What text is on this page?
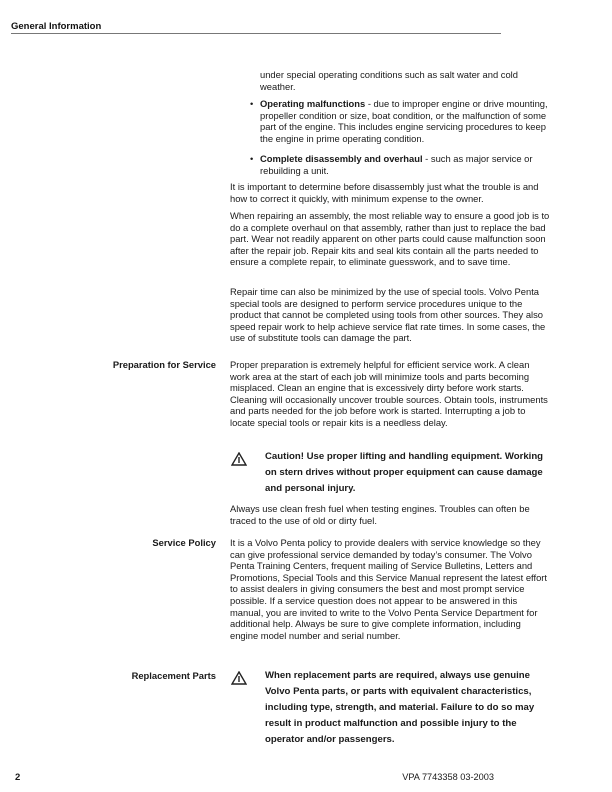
General Information
under special operating conditions such as salt water and cold weather.
• Operating malfunctions - due to improper engine or drive mounting, propeller condition or size, boat condition, or the malfunction of some part of the engine. This includes engine servicing procedures to keep the engine in prime operating condition.
• Complete disassembly and overhaul - such as major service or rebuilding a unit.

It is important to determine before disassembly just what the trouble is and how to correct it quickly, with minimum expense to the owner.

When repairing an assembly, the most reliable way to ensure a good job is to do a complete overhaul on that assembly, rather than just to replace the bad part. Wear not readily apparent on other parts could cause malfunction soon after the repair job. Repair kits and seal kits contain all the parts needed to ensure a complete repair, to eliminate guesswork, and to save time.

Repair time can also be minimized by the use of special tools. Volvo Penta special tools are designed to perform service procedures unique to the product that cannot be completed using tools from other sources. They also speed repair work to help achieve service flat rate times. In some cases, the use of substitute tools can damage the part.

Preparation for Service Proper preparation is extremely helpful for efficient service work. A clean work area at the start of each job will minimize tools and parts becoming misplaced. Clean an engine that is excessively dirty before work starts. Cleaning will occasionally uncover trouble sources. Obtain tools, instruments and parts needed for the job before work is started. Interrupting a job to locate special tools or repair kits is a needless delay.

Caution! Use proper lifting and handling equipment. Working on stern drives without proper equipment can cause damage and personal injury.

Always use clean fresh fuel when testing engines. Troubles can often be traced to the use of old or dirty fuel.

Service Policy It is a Volvo Penta policy to provide dealers with service knowledge so they can give professional service demanded by today’s consumer. The Volvo Penta Training Centers, frequent mailing of Service Bulletins, Letters and Promotions, Special Tools and this Service Manual represent the latest effort to assist dealers in giving consumers the best and most prompt service possible. If a service question does not appear to be answered in this manual, you are invited to write to the Volvo Penta Service Department for additional help. Always be sure to give complete information, including engine model number and serial number.

Replacement Parts	When replacement parts are required, always use genuine Volvo Penta parts, or parts with equivalent characteristics, including type, strength, and material. Failure to do so may result in product malfunction and possible injury to the operator and/or passengers.
2	VPA 7743358 03-2003
